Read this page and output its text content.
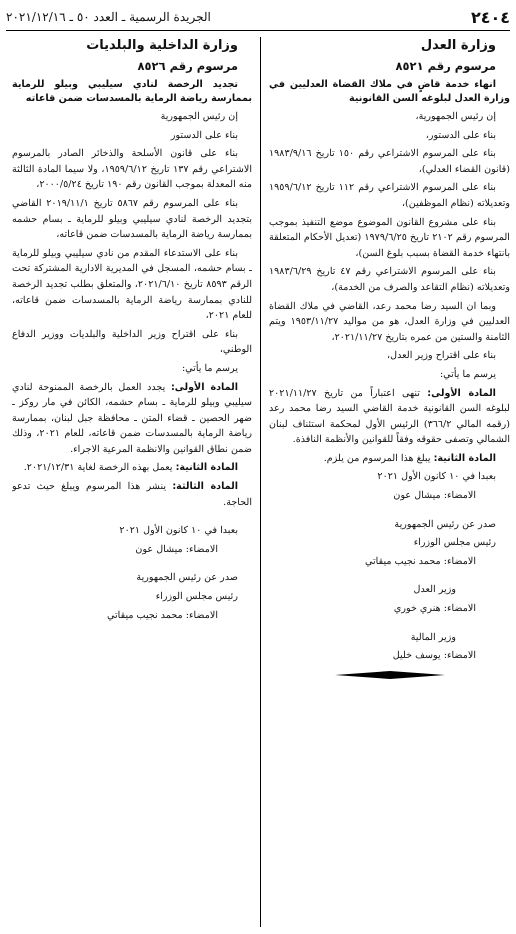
٢٤٠٤
الجريدة الرسمية ـ العدد ٥٠ ـ ٢٠٢١/١٢/١٦

وزارة العدل

مرسوم رقم ٨٥٢١

انهاء خدمة قاضٍ في ملاك القضاة العدليين في وزارة العدل لبلوغه السن القانونية

إن رئيس الجمهورية،

بناء على الدستور،

بناء على المرسوم الاشتراعي رقم ١٥٠ تاريخ ١٩٨٣/٩/١٦ (قانون القضاء العدلي)،

بناء على المرسوم الاشتراعي رقم ١١٢ تاريخ ١٩٥٩/٦/١٢ وتعديلاته (نظام الموظفين)،

بناء على مشروع القانون الموضوع موضع التنفيذ بموجب المرسوم رقم ٢١٠٢ تاريخ ١٩٧٩/٦/٢٥ (تعديل الأحكام المتعلقة بانتهاء خدمة القضاة بسبب بلوغ السن)،

بناء على المرسوم الاشتراعي رقم ٤٧ تاريخ ١٩٨٣/٦/٢٩ وتعديلاته (نظام التقاعد والصرف من الخدمة)،

وبما ان السيد رضا محمد رعد، القاضي في ملاك القضاة العدليين في وزارة العدل، هو من مواليد ١٩٥٣/١١/٢٧ ويتم الثامنة والستين من عمره بتاريخ ٢٠٢١/١١/٢٧،

بناء على اقتراح وزير العدل،

يرسم ما يأتي:

المادة الأولى: تنهى اعتباراً من تاريخ ٢٠٢١/١١/٢٧ لبلوغه السن القانونية خدمة القاضي السيد رضا محمد رعد (رقمه المالي ٣٦٦/٢) الرئيس الأول لمحكمة استئناف لبنان الشمالي وتصفى حقوقه وفقاً للقوانين والأنظمة النافذة.

المادة الثانية: يبلغ هذا المرسوم من يلزم.

بعبدا في ١٠ كانون الأول ٢٠٢١

الامضاء: ميشال عون

صدر عن رئيس الجمهورية

رئيس مجلس الوزراء

الامضاء: محمد نجيب ميقاتي

وزير العدل

الامضاء: هنري خوري

وزير المالية

الامضاء: يوسف خليل

وزارة الداخلية والبلديات

مرسوم رقم ٨٥٢٦

تجديد الرخصة لنادي سيليبي وبيلو للرماية بممارسة رياضة الرماية بالمسدسات ضمن قاعاته

إن رئيس الجمهورية

بناء على الدستور

بناء على قانون الأسلحة والذخائر الصادر بالمرسوم الاشتراعي رقم ١٣٧ تاريخ ١٩٥٩/٦/١٢، ولا سيما المادة الثالثة منه المعدلة بموجب القانون رقم ١٩٠ تاريخ ٢٠٠٠/٥/٢٤،

بناء على المرسوم رقم ٥٨٦٧ تاريخ ٢٠١٩/١١/١ القاضي بتجديد الرخصة لنادي سيليبي وبيلو للرماية ـ بسام حشمه بممارسة رياضة الرماية بالمسدسات ضمن قاعاته،

بناء على الاستدعاء المقدم من نادي سيليبي وبيلو للرماية ـ بسام حشمه، المسجل في المديرية الادارية المشتركة تحت الرقم ٨٥٩٣ تاريخ ٢٠٢١/٦/١٠، والمتعلق بطلب تجديد الرخصة للنادي بممارسة رياضة الرماية بالمسدسات ضمن قاعاته، للعام ٢٠٢١،

بناء على اقتراح وزير الداخلية والبلديات ووزير الدفاع الوطني،

يرسم ما يأتي:

المادة الأولى: يجدد العمل بالرخصة الممنوحة لنادي سيليبي وبيلو للرماية ـ بسام حشمه، الكائن في مار روكز ـ ضهر الحصين ـ قضاء المتن ـ محافظة جبل لبنان، بممارسة رياضة الرماية بالمسدسات ضمن قاعاته، للعام ٢٠٢١، وذلك ضمن نطاق القوانين والانظمة المرعية الاجراء.

المادة الثانية: يعمل بهذه الرخصة لغاية ٢٠٢١/١٢/٣١.

المادة الثالثة: ينشر هذا المرسوم ويبلغ حيث تدعو الحاجة.

بعبدا في ١٠ كانون الأول ٢٠٢١

الامضاء: ميشال عون

صدر عن رئيس الجمهورية

رئيس مجلس الوزراء

الامضاء: محمد نجيب ميقاتي
